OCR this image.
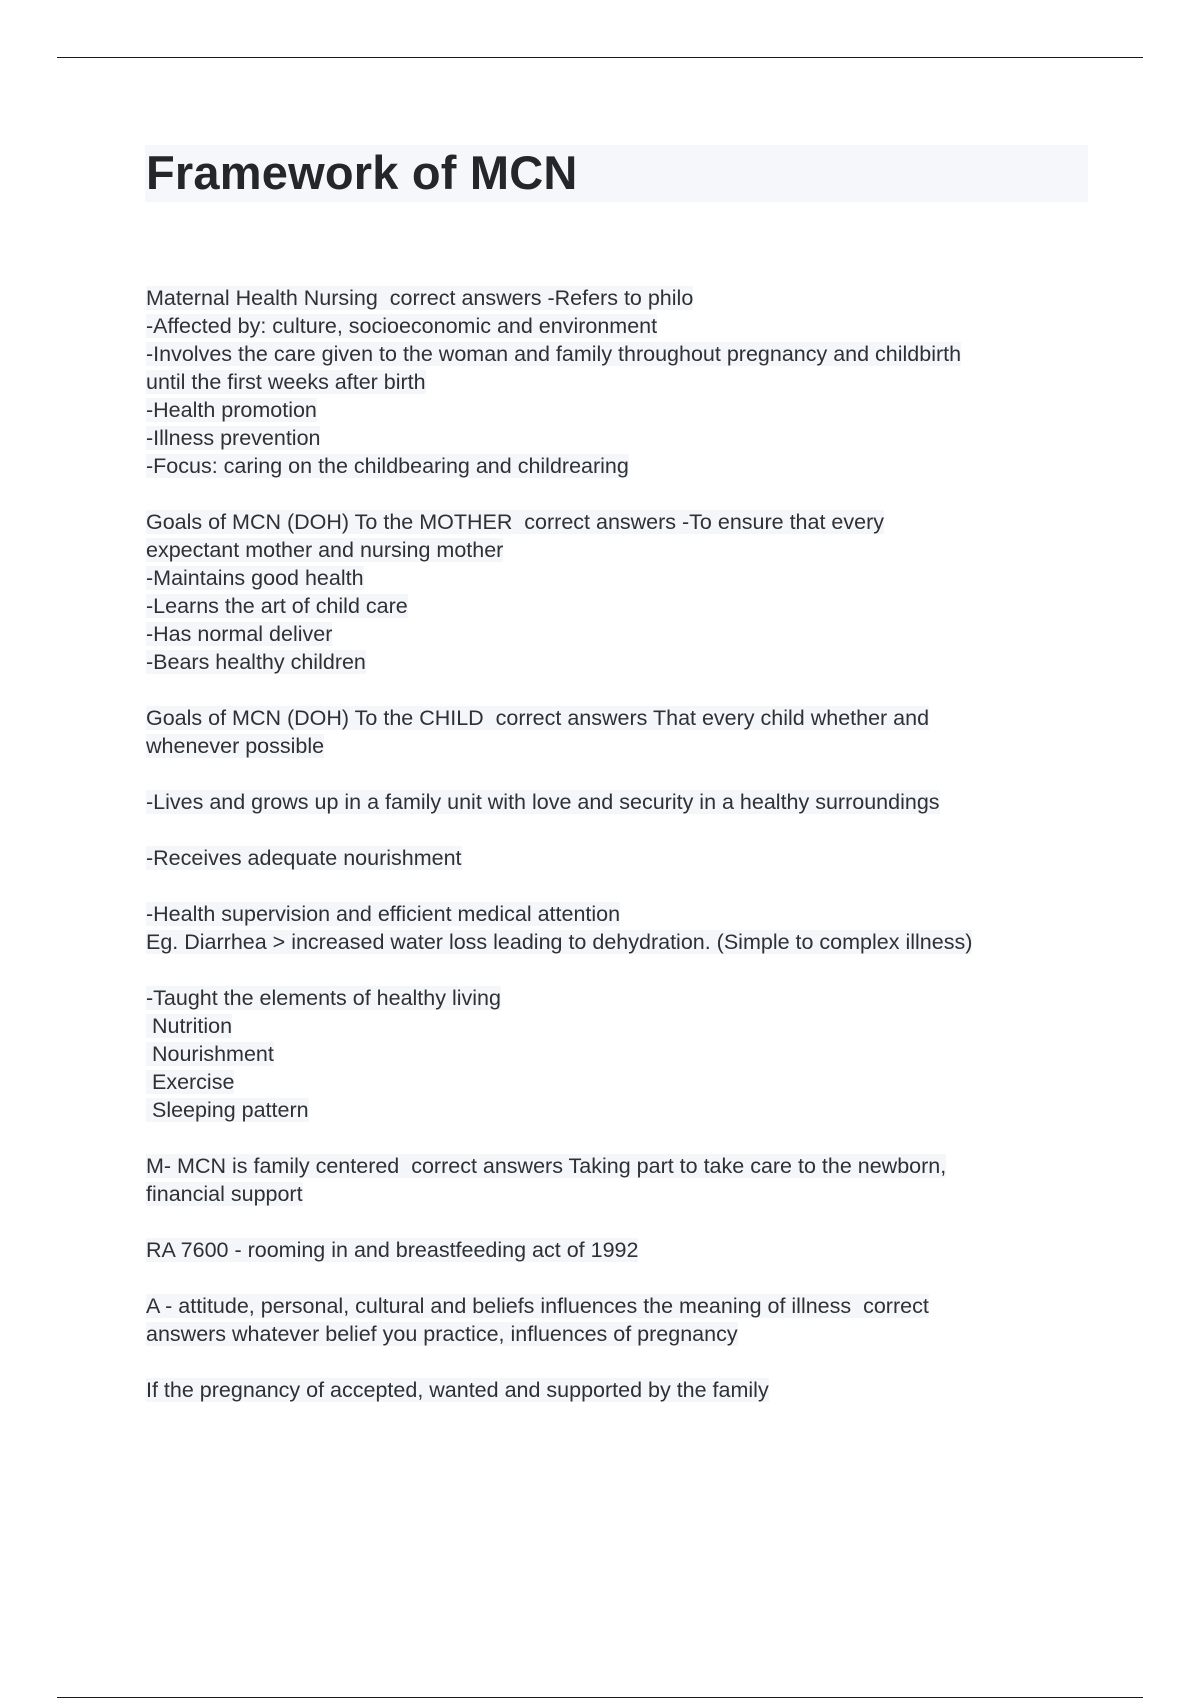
Framework of MCN
Maternal Health Nursing  correct answers -Refers to philo
-Affected by: culture, socioeconomic and environment
-Involves the care given to the woman and family throughout pregnancy and childbirth
until the first weeks after birth
-Health promotion
-Illness prevention
-Focus: caring on the childbearing and childrearing
Goals of MCN (DOH) To the MOTHER  correct answers -To ensure that every
expectant mother and nursing mother
-Maintains good health
-Learns the art of child care
-Has normal deliver
-Bears healthy children
Goals of MCN (DOH) To the CHILD  correct answers That every child whether and
whenever possible
-Lives and grows up in a family unit with love and security in a healthy surroundings
-Receives adequate nourishment
-Health supervision and efficient medical attention
Eg. Diarrhea > increased water loss leading to dehydration. (Simple to complex illness)
-Taught the elements of healthy living
Nutrition
Nourishment
Exercise
Sleeping pattern
M- MCN is family centered  correct answers Taking part to take care to the newborn,
financial support
RA 7600 - rooming in and breastfeeding act of 1992
A - attitude, personal, cultural and beliefs influences the meaning of illness  correct
answers whatever belief you practice, influences of pregnancy
If the pregnancy of accepted, wanted and supported by the family
